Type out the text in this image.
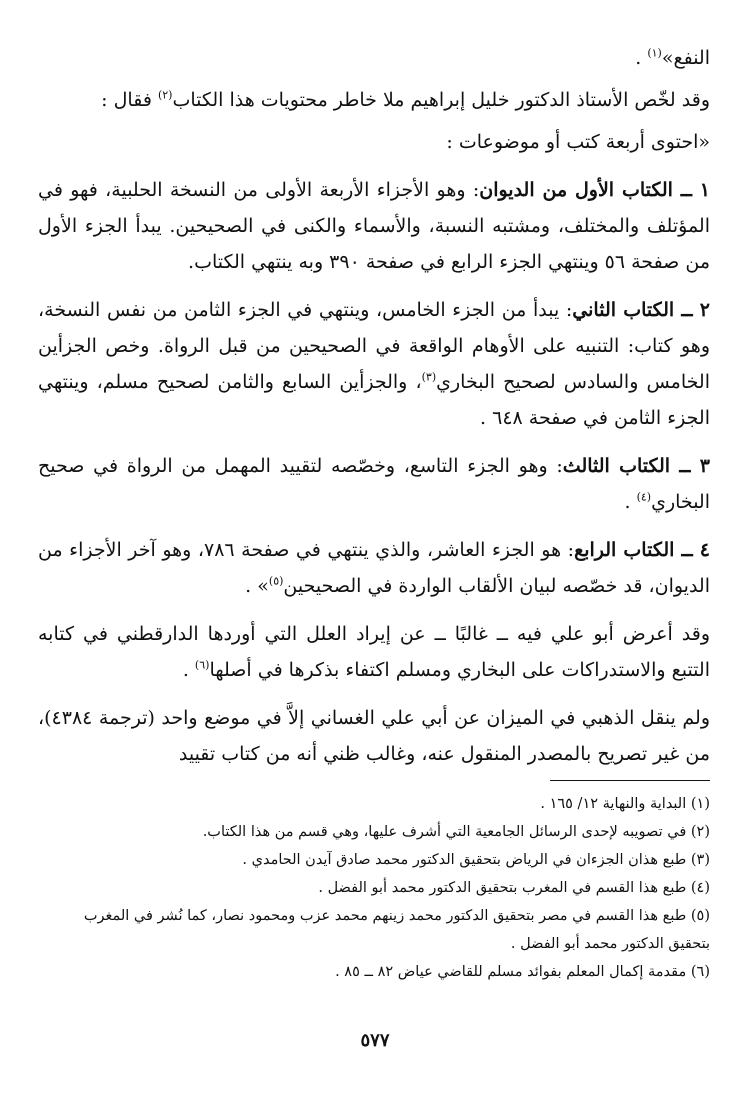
النفع»$^{(١)}$ .

وقد لخّص الأستاذ الدكتور خليل إبراهيم ملا خاطر محتويات هذا الكتاب$^{(٢)}$ فقال :

«احتوى أربعة كتب أو موضوعات :

١ ــ الكتاب الأول من الديوان: وهو الأجزاء الأربعة الأولى من النسخة الحلبية، فهو في المؤتلف والمختلف، ومشتبه النسبة، والأسماء والكنى في الصحيحين. يبدأ الجزء الأول من صفحة ٥٦ وينتهي الجزء الرابع في صفحة ٣٩٠ وبه ينتهي الكتاب.

٢ ــ الكتاب الثاني: يبدأ من الجزء الخامس، وينتهي في الجزء الثامن من نفس النسخة، وهو كتاب: التنبيه على الأوهام الواقعة في الصحيحين من قبل الرواة. وخص الجزأين الخامس والسادس لصحيح البخاري$^{(٣)}$، والجزأين السابع والثامن لصحيح مسلم، وينتهي الجزء الثامن في صفحة ٦٤٨ .

٣ ــ الكتاب الثالث: وهو الجزء التاسع، وخصّصه لتقييد المهمل من الرواة في صحيح البخاري$^{(٤)}$ .

٤ ــ الكتاب الرابع: هو الجزء العاشر، والذي ينتهي في صفحة ٧٨٦، وهو آخر الأجزاء من الديوان، قد خصّصه لبيان الألقاب الواردة في الصحيحين$^{(٥)}$» .

وقد أعرض أبو علي فيه ــ غالبًا ــ عن إيراد العلل التي أوردها الدارقطني في كتابه التتبع والاستدراكات على البخاري ومسلم اكتفاء بذكرها في أصلها$^{(٦)}$ .

ولم ينقل الذهبي في الميزان عن أبي علي الغساني إلاَّ في موضع واحد (ترجمة ٤٣٨٤)، من غير تصريح بالمصدر المنقول عنه، وغالب ظني أنه من كتاب تقييد

(١) البداية والنهاية ١٢/ ١٦٥ .
(٢) في تصويبه لإحدى الرسائل الجامعية التي أشرف عليها، وهي قسم من هذا الكتاب.
(٣) طبع هذان الجزءان في الرياض بتحقيق الدكتور محمد صادق آيدن الحامدي .
(٤) طبع هذا القسم في المغرب بتحقيق الدكتور محمد أبو الفضل .
(٥) طبع هذا القسم في مصر بتحقيق الدكتور محمد زينهم محمد عزب ومحمود نصار، كما نُشر في المغرب بتحقيق الدكتور محمد أبو الفضل .
(٦) مقدمة إكمال المعلم بفوائد مسلم للقاضي عياض ٨٢ ــ ٨٥ .
٥٧٧
